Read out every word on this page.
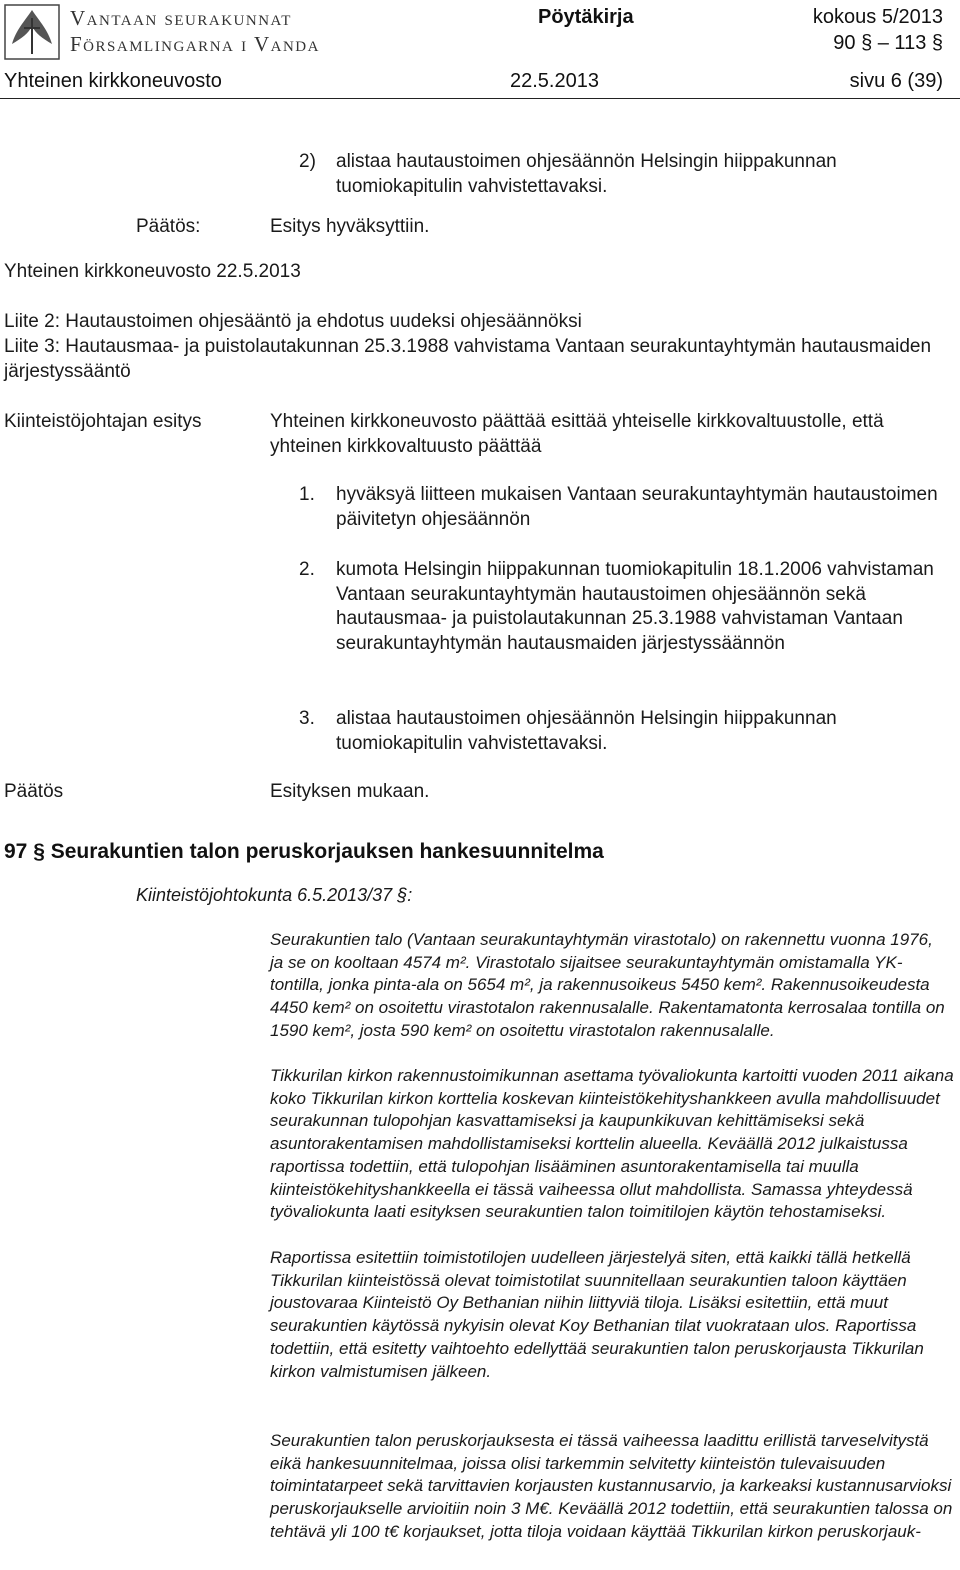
Vantaan seurakunnat
Församlingarna i Vanda
Pöytäkirja	kokous 5/2013
90 § – 113 §
Yhteinen kirkkoneuvosto	22.5.2013	sivu 6 (39)
2) alistaa hautaustoimen ohjesäännön Helsingin hiippakunnan tuomiokapitulin vahvistettavaksi.
Päätös:	Esitys hyväksyttiin.
Yhteinen kirkkoneuvosto 22.5.2013
Liite 2: Hautaustoimen ohjesääntö ja ehdotus uudeksi ohjesäännöksi
Liite 3: Hautausmaa- ja puistolautakunnan 25.3.1988 vahvistama Vantaan seurakuntayhtymän hautausmaiden järjestyssääntö
Kiinteistöjohtajan esitys	Yhteinen kirkkoneuvosto päättää esittää yhteiselle kirkkovaltuustolle, että yhteinen kirkkovaltuusto päättää
1. hyväksyä liitteen mukaisen Vantaan seurakuntayhtymän hautaustoimen päivitetyn ohjesäännön
2. kumota Helsingin hiippakunnan tuomiokapitulin 18.1.2006 vahvistaman Vantaan seurakuntayhtymän hautaustoimen ohjesäännön sekä hautausmaa- ja puistolautakunnan 25.3.1988 vahvistaman Vantaan seurakuntayhtymän hautausmaiden järjestyssäännön
3. alistaa hautaustoimen ohjesäännön Helsingin hiippakunnan tuomiokapitulin vahvistettavaksi.
Päätös	Esityksen mukaan.
97 § Seurakuntien talon peruskorjauksen hankesuunnitelma
Kiinteistöjohtokunta 6.5.2013/37 §:
Seurakuntien talo (Vantaan seurakuntayhtymän virastotalo) on rakennettu vuonna 1976, ja se on kooltaan 4574 m². Virastotalo sijaitsee seurakuntayhtymän omistamalla YK-tontilla, jonka pinta-ala on 5654 m², ja rakennusoikeus 5450 kem². Rakennusoikeudesta 4450 kem² on osoitettu virastotalon rakennusalalle. Rakentamatonta kerrosalaa tontilla on 1590 kem², josta 590 kem² on osoitettu virastotalon rakennusalalle.
Tikkurilan kirkon rakennustoimikunnan asettama työvaliokunta kartoitti vuoden 2011 aikana koko Tikkurilan kirkon korttelia koskevan kiinteistökehityshankkeen avulla mahdollisuudet seurakunnan tulopohjan kasvattamiseksi ja kaupunkikuvan kehittämiseksi sekä asuntorakentamisen mahdollistamiseksi korttelin alueella. Keväällä 2012 julkaistussa raportissa todettiin, että tulopohjan lisääminen asuntorakentamisella tai muulla kiinteistökehityshankkeella ei tässä vaiheessa ollut mahdollista. Samassa yhteydessä työvaliokunta laati esityksen seurakuntien talon toimitilojen käytön tehostamiseksi.
Raportissa esitettiin toimistotilojen uudelleen järjestelyä siten, että kaikki tällä hetkellä Tikkurilan kiinteistössä olevat toimistotilat suunnitellaan seurakuntien taloon käyttäen joustovaraa Kiinteistö Oy Bethanian niihin liittyviä tiloja. Lisäksi esitettiin, että muut seurakuntien käytössä nykyisin olevat Koy Bethanian tilat vuokrataan ulos. Raportissa todettiin, että esitetty vaihtoehto edellyttää seurakuntien talon peruskorjausta Tikkurilan kirkon valmistumisen jälkeen.
Seurakuntien talon peruskorjauksesta ei tässä vaiheessa laadittu erillistä tarveselvitystä eikä hankesuunnitelmaa, joissa olisi tarkemmin selvitetty kiinteistön tulevaisuuden toimintatarpeet sekä tarvittavien korjausten kustannusarvio, ja karkeaksi kustannusarvioksi peruskorjaukselle arvioitiin noin 3 M€. Keväällä 2012 todettiin, että seurakuntien talossa on tehtävä yli 100 t€ korjaukset, jotta tiloja voidaan käyttää Tikkurilan kirkon peruskorjauk-
